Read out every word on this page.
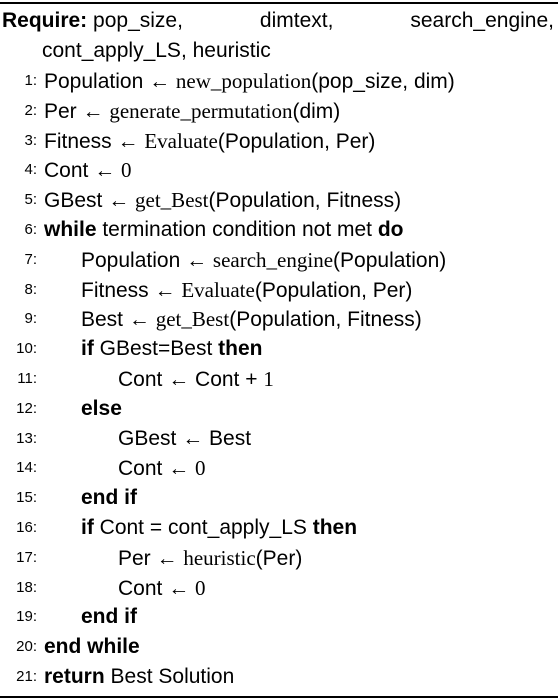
Require: pop_size,	dimtext,	search_engine,
cont_apply_LS, heuristic
1: Population ← new_population(pop_size, dim)
2: Per ← generate_permutation(dim)
3: Fitness ← Evaluate(Population, Per)
4: Cont ← 0
5: GBest ← get_Best(Population, Fitness)
6: while termination condition not met do
7: Population ← search_engine(Population)
8: Fitness ← Evaluate(Population, Per)
9: Best ← get_Best(Population, Fitness)
10: if GBest=Best then
11:	Cont ← Cont + 1
12: else
13:	GBest ← Best
14:	Cont ← 0
15: end if
16: if Cont = cont_apply_LS then
17:	Per ← heuristic(Per)
18:	Cont ← 0
19: end if
20: end while
21: return Best Solution
